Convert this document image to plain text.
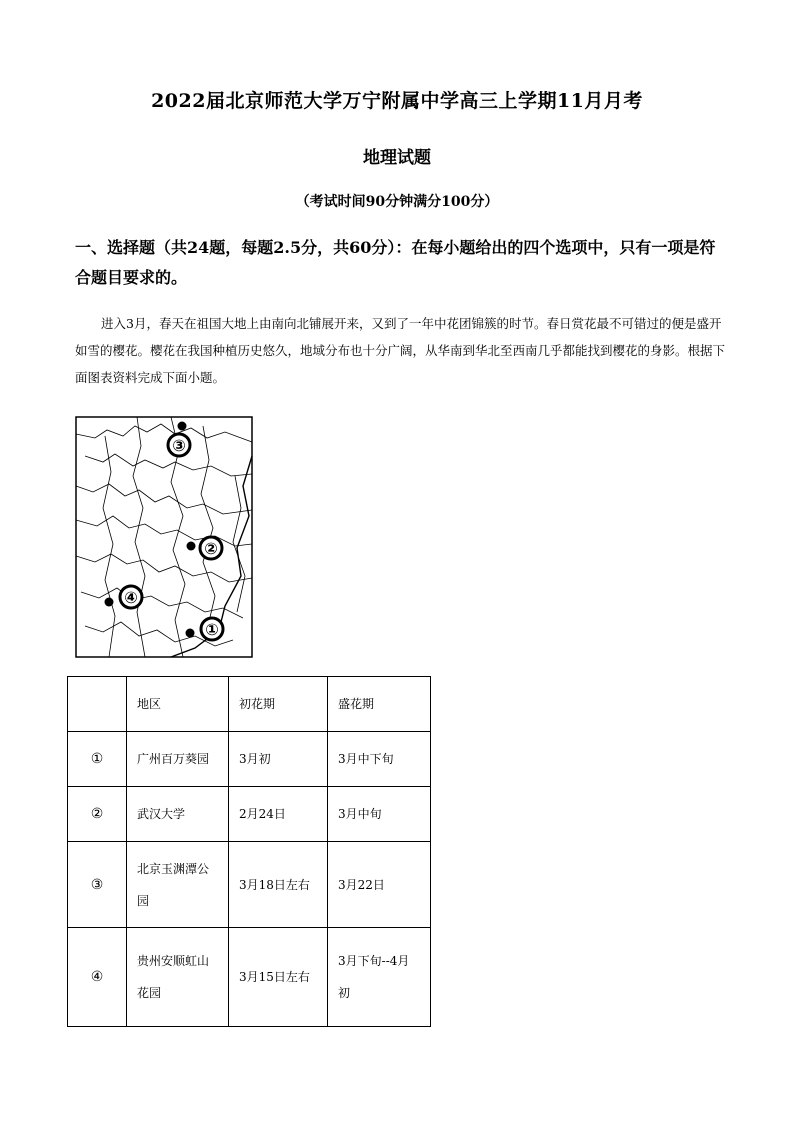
2022届北京师范大学万宁附属中学高三上学期11月月考
地理试题
（考试时间90分钟满分100分）
一、选择题（共24题，每题2.5分，共60分）：在每小题给出的四个选项中，只有一项是符合题目要求的。
进入3月，春天在祖国大地上由南向北铺展开来，又到了一年中花团锦簇的时节。春日赏花最不可错过的便是盛开如雪的樱花。樱花在我国种植历史悠久，地域分布也十分广阔，从华南到华北至西南几乎都能找到樱花的身影。根据下面图表资料完成下面小题。
③
②
④
①
	地区	初花期	盛花期
①	广州百万葵园	3月初	3月中下旬
②	武汉大学	2月24日	3月中旬
③	北京玉渊潭公园	3月18日左右	3月22日
④	贵州安顺虹山花园	3月15日左右	3月下旬--4月初
